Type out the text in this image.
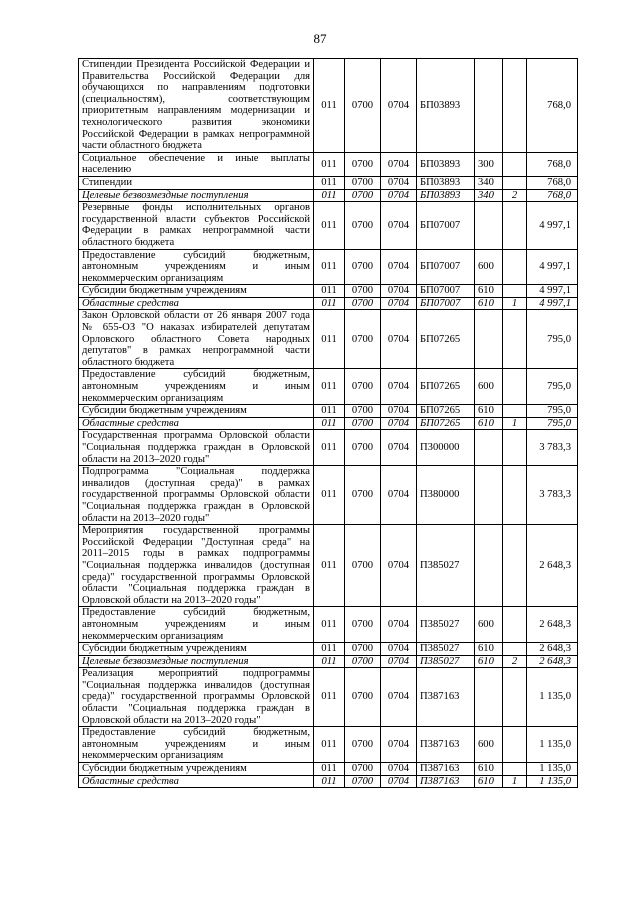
87
Стипендии Президента Российской Федерации и Правительства Российской Федерации для обучающихся по направлениям подготовки (специальностям), соответствующим приоритетным направлениям модернизации и технологического развития экономики Российской Федерации в рамках непрограммной части областного бюджета	011	0700	0704	БП03893			768,0
Социальное обеспечение и иные выплаты населению	011	0700	0704	БП03893	300		768,0
Стипендии	011	0700	0704	БП03893	340		768,0
Целевые безвозмездные поступления	011	0700	0704	БП03893	340	2	768,0
Резервные фонды исполнительных органов государственной власти субъектов Российской Федерации в рамках непрограммной части областного бюджета	011	0700	0704	БП07007			4 997,1
Предоставление субсидий бюджетным, автономным учреждениям и иным некоммерческим организациям	011	0700	0704	БП07007	600		4 997,1
Субсидии бюджетным учреждениям	011	0700	0704	БП07007	610		4 997,1
Областные средства	011	0700	0704	БП07007	610	1	4 997,1
Закон Орловской области от 26 января 2007 года № 655-ОЗ "О наказах избирателей депутатам Орловского областного Совета народных депутатов" в рамках непрограммной части областного бюджета	011	0700	0704	БП07265			795,0
Предоставление субсидий бюджетным, автономным учреждениям и иным некоммерческим организациям	011	0700	0704	БП07265	600		795,0
Субсидии бюджетным учреждениям	011	0700	0704	БП07265	610		795,0
Областные средства	011	0700	0704	БП07265	610	1	795,0
Государственная программа Орловской области "Социальная поддержка граждан в Орловской области на 2013–2020 годы"	011	0700	0704	П300000			3 783,3
Подпрограмма "Социальная поддержка инвалидов (доступная среда)" в рамках государственной программы Орловской области "Социальная поддержка граждан в Орловской области на 2013–2020 годы"	011	0700	0704	П380000			3 783,3
Мероприятия государственной программы Российской Федерации "Доступная среда" на 2011–2015 годы в рамках подпрограммы "Социальная поддержка инвалидов (доступная среда)" государственной программы Орловской области "Социальная поддержка граждан в Орловской области на 2013–2020 годы"	011	0700	0704	П385027			2 648,3
Предоставление субсидий бюджетным, автономным учреждениям и иным некоммерческим организациям	011	0700	0704	П385027	600		2 648,3
Субсидии бюджетным учреждениям	011	0700	0704	П385027	610		2 648,3
Целевые безвозмездные поступления	011	0700	0704	П385027	610	2	2 648,3
Реализация мероприятий подпрограммы "Социальная поддержка инвалидов (доступная среда)" государственной программы Орловской области "Социальная поддержка граждан в Орловской области на 2013–2020 годы"	011	0700	0704	П387163			1 135,0
Предоставление субсидий бюджетным, автономным учреждениям и иным некоммерческим организациям	011	0700	0704	П387163	600		1 135,0
Субсидии бюджетным учреждениям	011	0700	0704	П387163	610		1 135,0
Областные средства	011	0700	0704	П387163	610	1	1 135,0
